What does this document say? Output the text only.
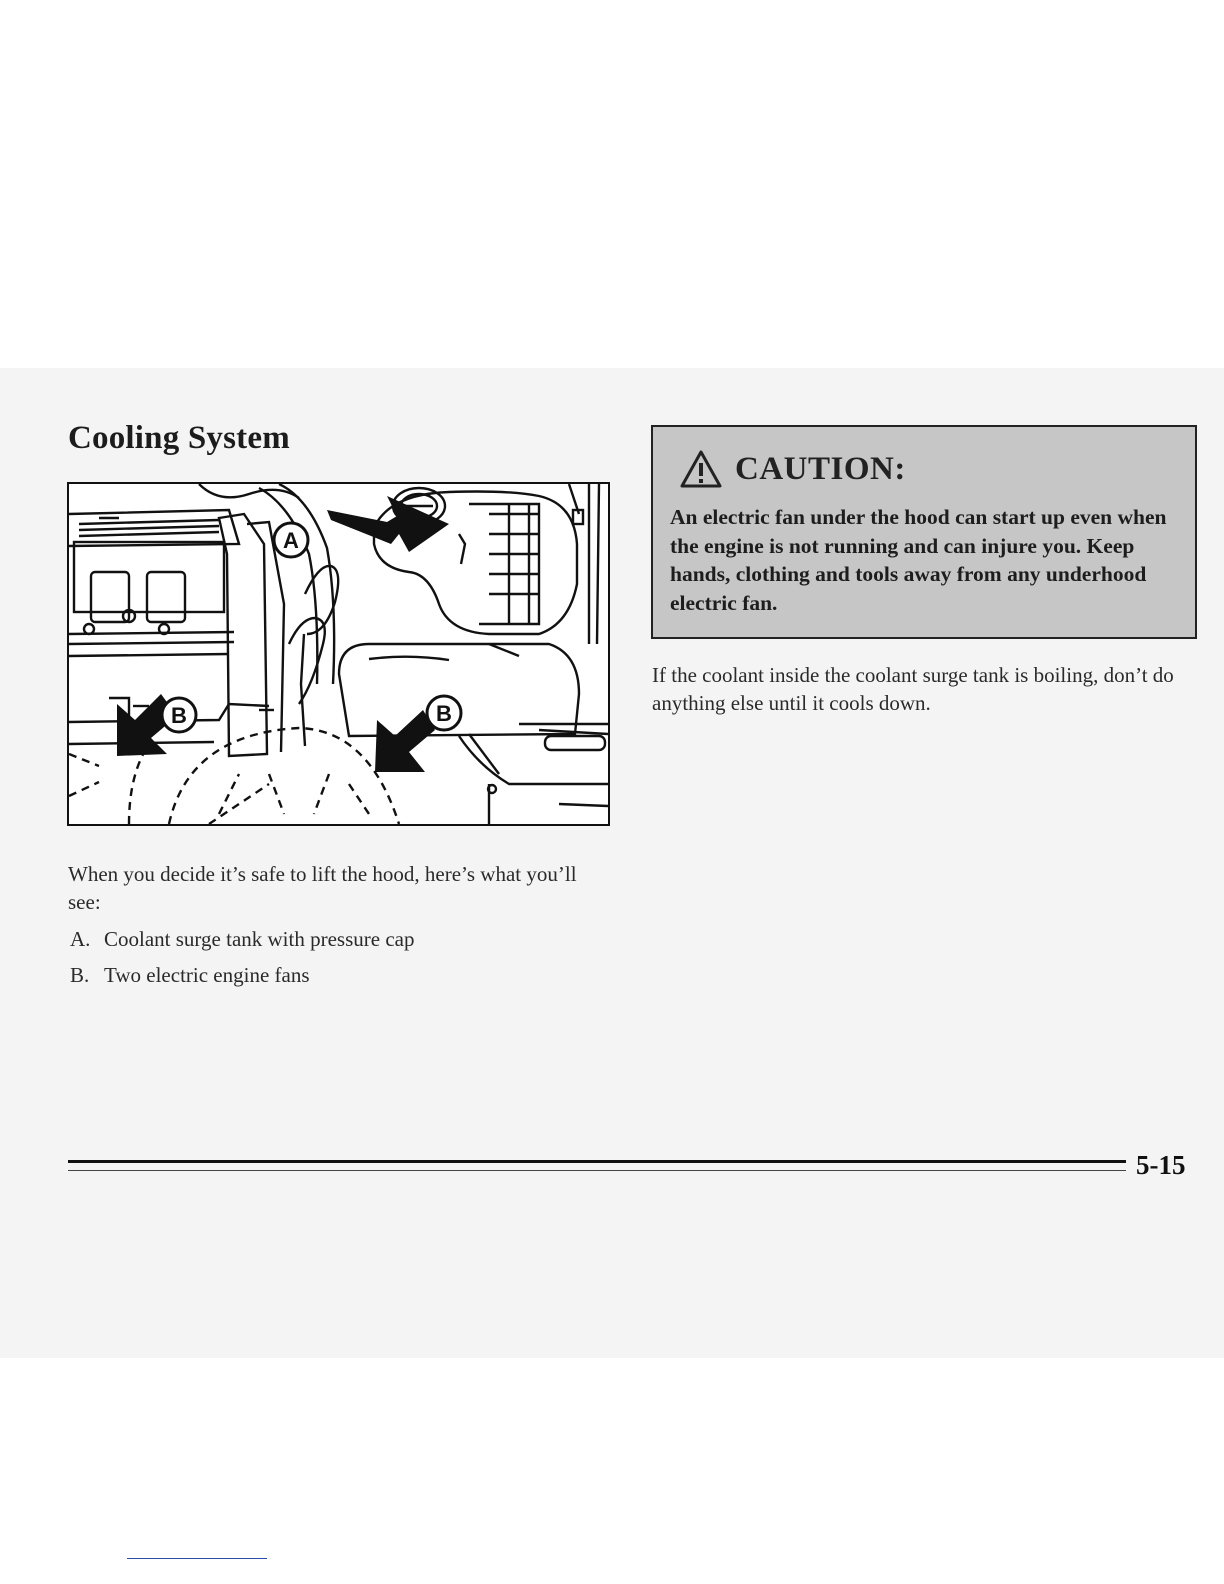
Cooling System
A
B	B

When you decide it’s safe to lift the hood, here’s what you’ll see:

A. Coolant surge tank with pressure cap

B. Two electric engine fans

CAUTION:

An electric fan under the hood can start up even when the engine is not running and can injure you. Keep hands, clothing and tools away from any underhood electric fan.

If the coolant inside the coolant surge tank is boiling, don’t do anything else until it cools down.

5-15
